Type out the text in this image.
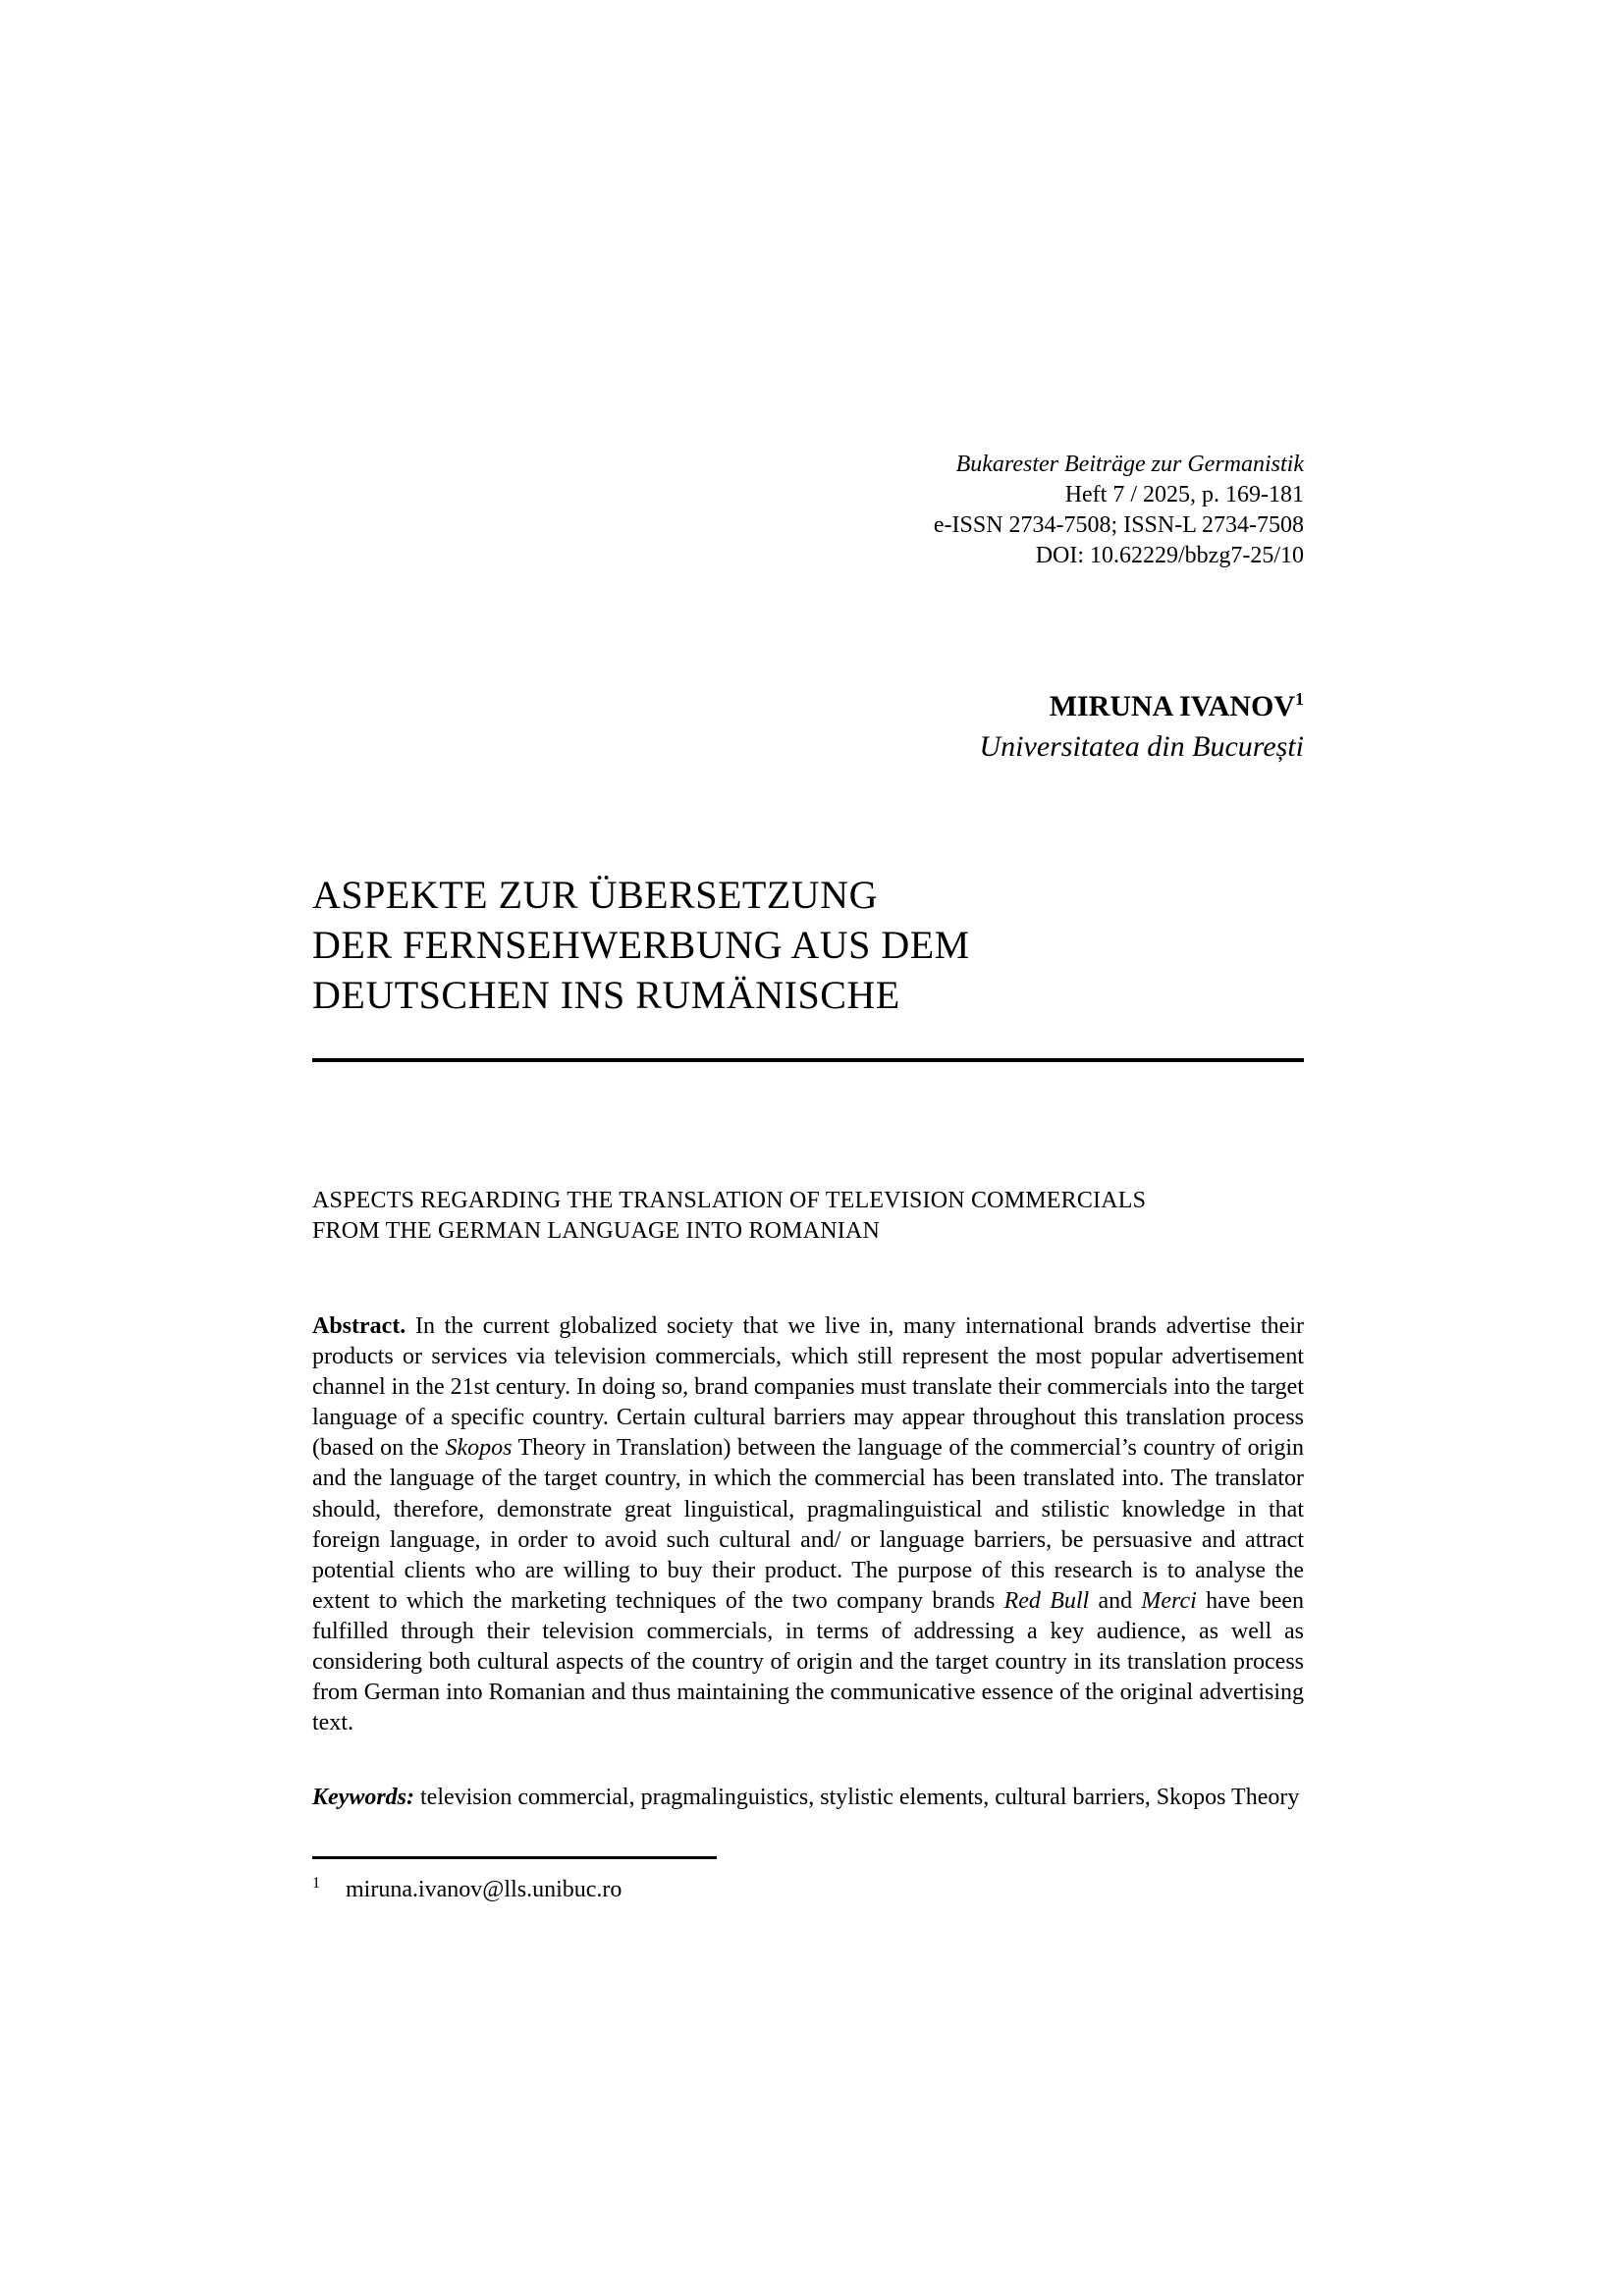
Bukarester Beiträge zur Germanistik
Heft 7 / 2025, p. 169-181
e-ISSN 2734-7508; ISSN-L 2734-7508
DOI: 10.62229/bbzg7-25/10
MIRUNA IVANOV$^1$
Universitatea din București
ASPEKTE ZUR ÜBERSETZUNG
DER FERNSEHWERBUNG AUS DEM
DEUTSCHEN INS RUMÄNISCHE
ASPECTS REGARDING THE TRANSLATION OF TELEVISION COMMERCIALS
FROM THE GERMAN LANGUAGE INTO ROMANIAN

Abstract. In the current globalized society that we live in, many international brands advertise their products or services via television commercials, which still represent the most popular advertisement channel in the 21st century. In doing so, brand companies must translate their commercials into the target language of a specific country. Certain cultural barriers may appear throughout this translation process (based on the Skopos Theory in Translation) between the language of the commercial’s country of origin and the language of the target country, in which the commercial has been translated into. The translator should, therefore, demonstrate great linguistical, pragmalinguistical and stilistic knowledge in that foreign language, in order to avoid such cultural and/ or language barriers, be persuasive and attract potential clients who are willing to buy their product. The purpose of this research is to analyse the extent to which the marketing techniques of the two company brands Red Bull and Merci have been fulfilled through their television commercials, in terms of addressing a key audience, as well as considering both cultural aspects of the country of origin and the target country in its translation process from German into Romanian and thus maintaining the communicative essence of the original advertising text.

Keywords: television commercial, pragmalinguistics, stylistic elements, cultural barriers, Skopos Theory

$^1$ miruna.ivanov@lls.unibuc.ro
